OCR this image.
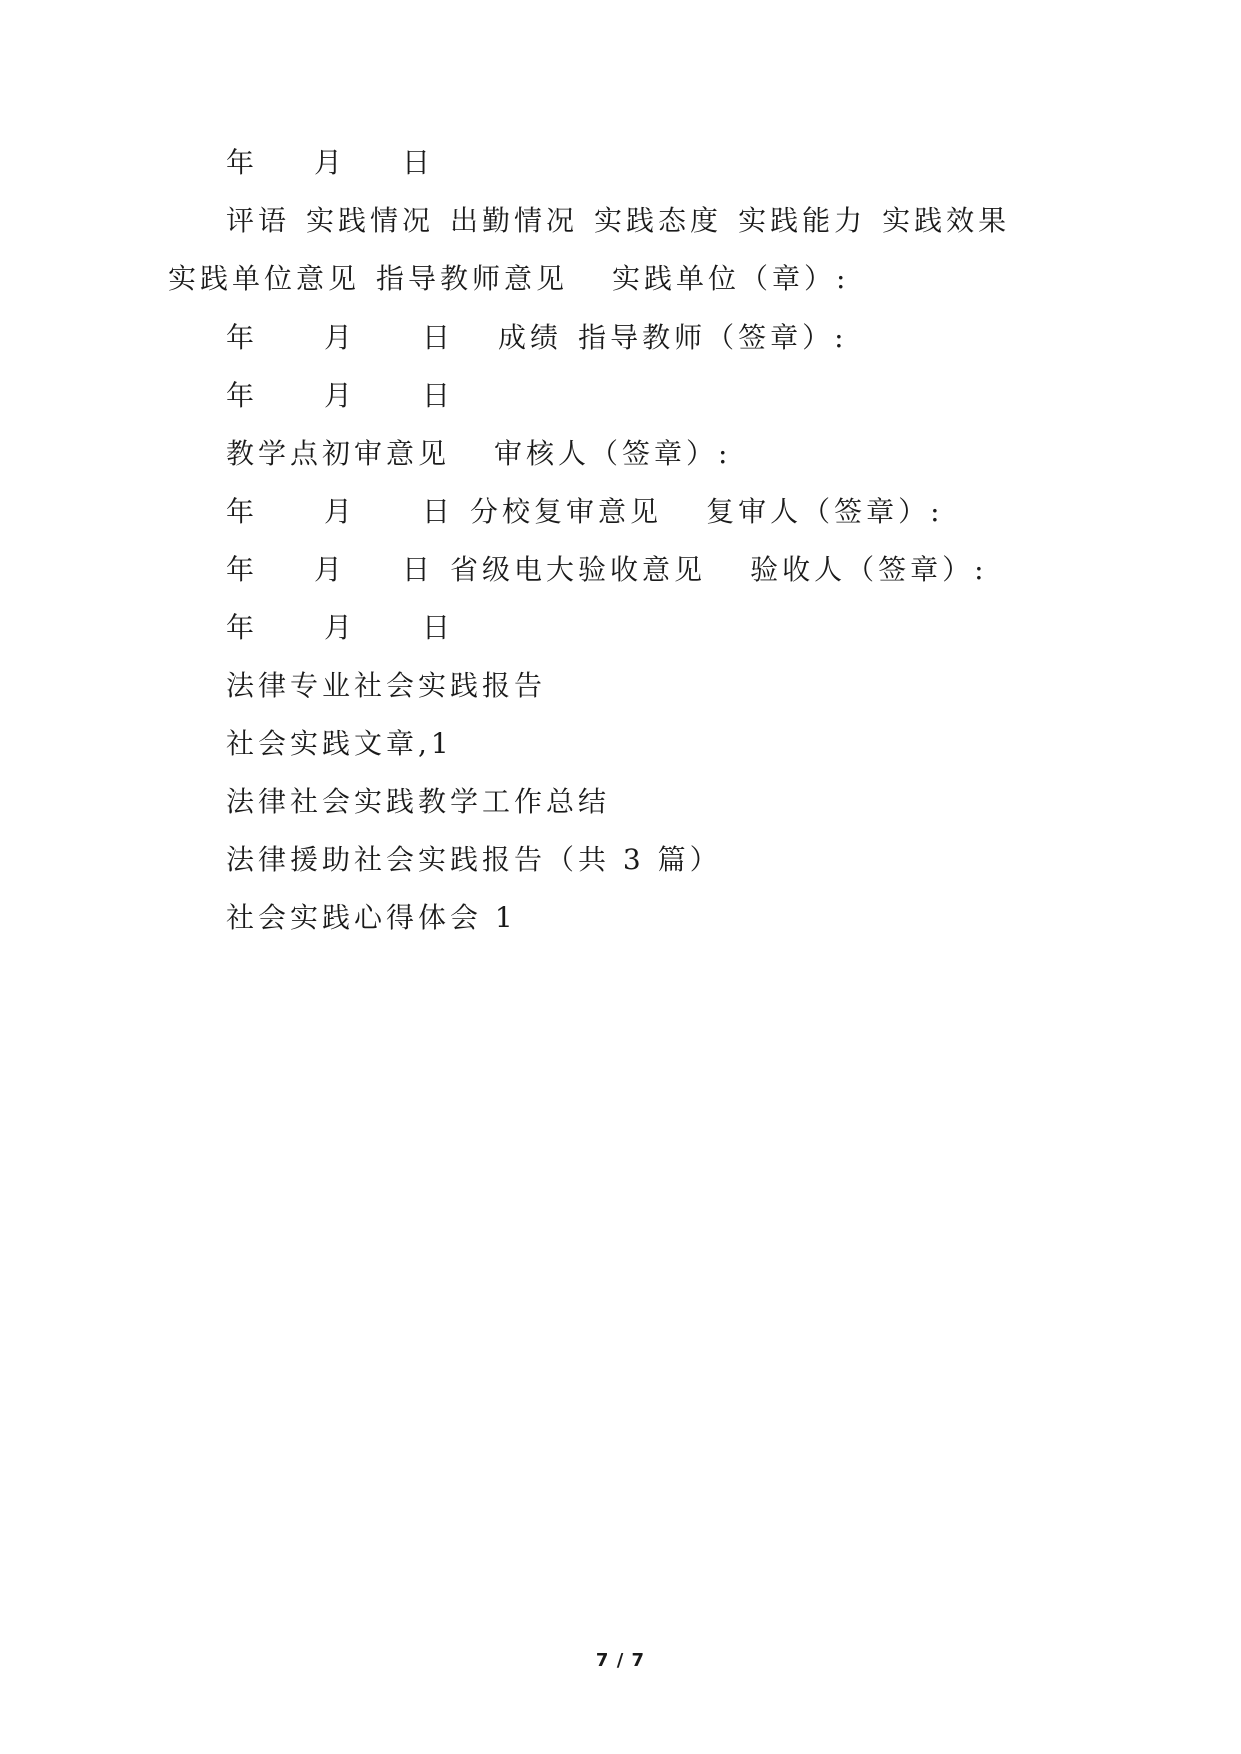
年 月 日
评语 实践情况 出勤情况 实践态度 实践能力 实践效果
实践单位意见 指导教师意见 实践单位（章）:
年 月 日 成绩 指导教师（签章）:
年 月 日
教学点初审意见 审核人（签章）:
年 月 日 分校复审意见 复审人（签章）:
年 月 日 省级电大验收意见 验收人（签章）:
年 月 日
法律专业社会实践报告
社会实践文章,1
法律社会实践教学工作总结
法律援助社会实践报告（共 3 篇）
社会实践心得体会 1
7 / 7
